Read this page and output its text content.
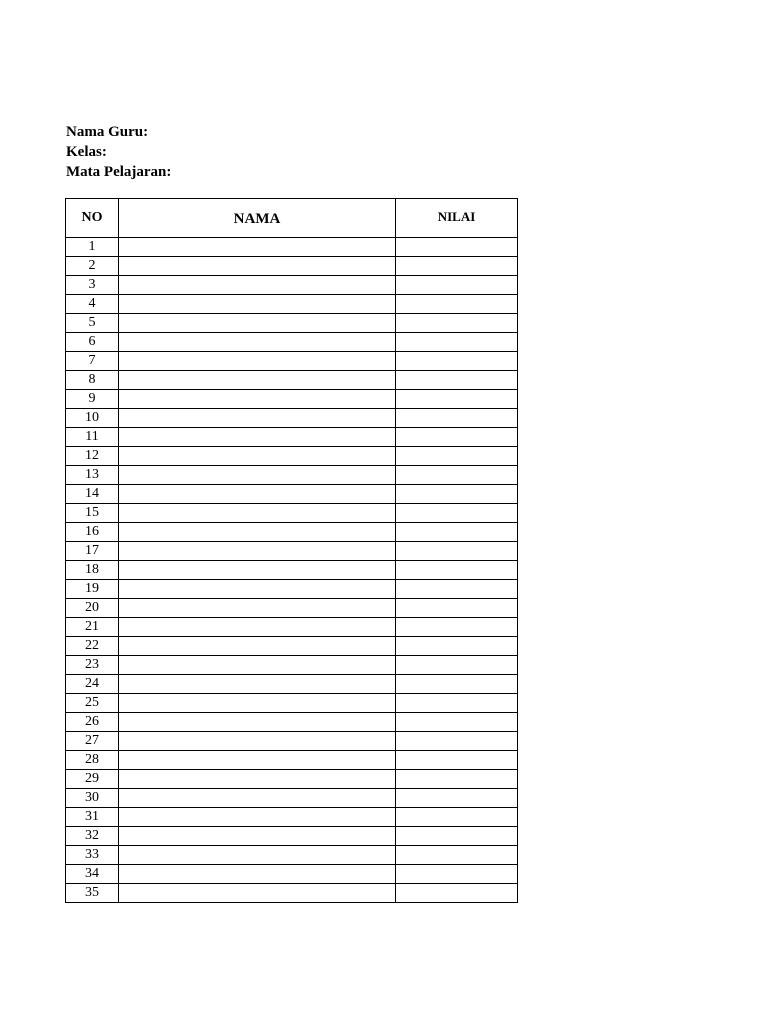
Nama Guru:
Kelas:
Mata Pelajaran:
NO	NAMA	NILAI
1		
2		
3		
4		
5		
6		
7		
8		
9		
10		
11		
12		
13		
14		
15		
16		
17		
18		
19		
20		
21		
22		
23		
24		
25		
26		
27		
28		
29		
30		
31		
32		
33		
34		
35		
